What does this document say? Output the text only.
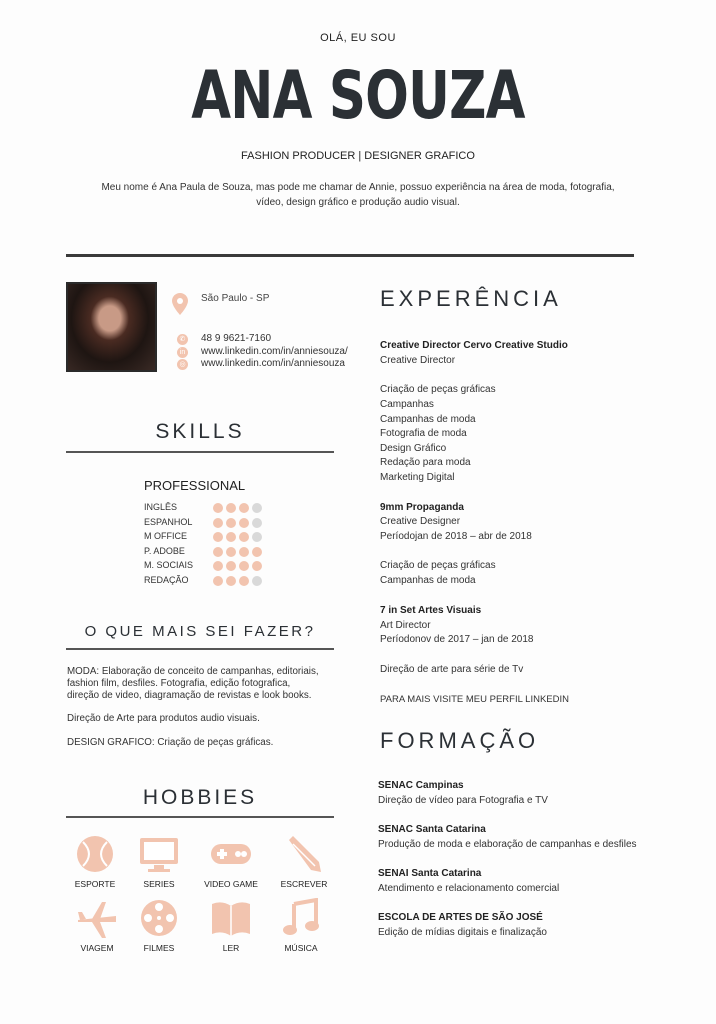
OLÁ, EU SOU
ANA SOUZA
FASHION PRODUCER | DESIGNER GRAFICO
Meu nome é Ana Paula de Souza, mas pode me chamar de Annie, possuo experiência na área de moda, fotografia,
vídeo, design gráfico e produção audio visual.
São Paulo - SP
✆ 48 9 9621-7160
in www.linkedin.com/in/anniesouza/
◎ www.linkedin.com/in/anniesouza
SKILLS
PROFESSIONAL
INGLÊS
ESPANHOL
M OFFICE
P. ADOBE
M. SOCIAIS
REDAÇÃO
O QUE MAIS SEI FAZER?
MODA: Elaboração de conceito de campanhas, editoriais,
fashion film, desfiles. Fotografia, edição fotografica,
direção de video, diagramação de revistas e look books.
Direção de Arte para produtos audio visuais.
DESIGN GRAFICO: Criação de peças gráficas.
HOBBIES
ESPORTE	SERIES	VIDEO GAME	ESCREVER
VIAGEM	FILMES	LER	MÚSICA
EXPERÊNCIA
Creative Director Cervo Creative Studio
Creative Director
Criação de peças gráficas
Campanhas
Campanhas de moda
Fotografia de moda
Design Gráfico
Redação para moda
Marketing Digital
9mm Propaganda
Creative Designer
Períodojan de 2018 – abr de 2018
Criação de peças gráficas
Campanhas de moda
7 in Set Artes Visuais
Art Director
Períodonov de 2017 – jan de 2018
Direção de arte para série de Tv
PARA MAIS VISITE MEU PERFIL LINKEDIN
FORMAÇÃO
SENAC Campinas
Direção de vídeo para Fotografia e TV
SENAC Santa Catarina
Produção de moda e elaboração de campanhas e desfiles
SENAI Santa Catarina
Atendimento e relacionamento comercial
ESCOLA DE ARTES DE SÃO JOSÉ
Edição de mídias digitais e finalização
